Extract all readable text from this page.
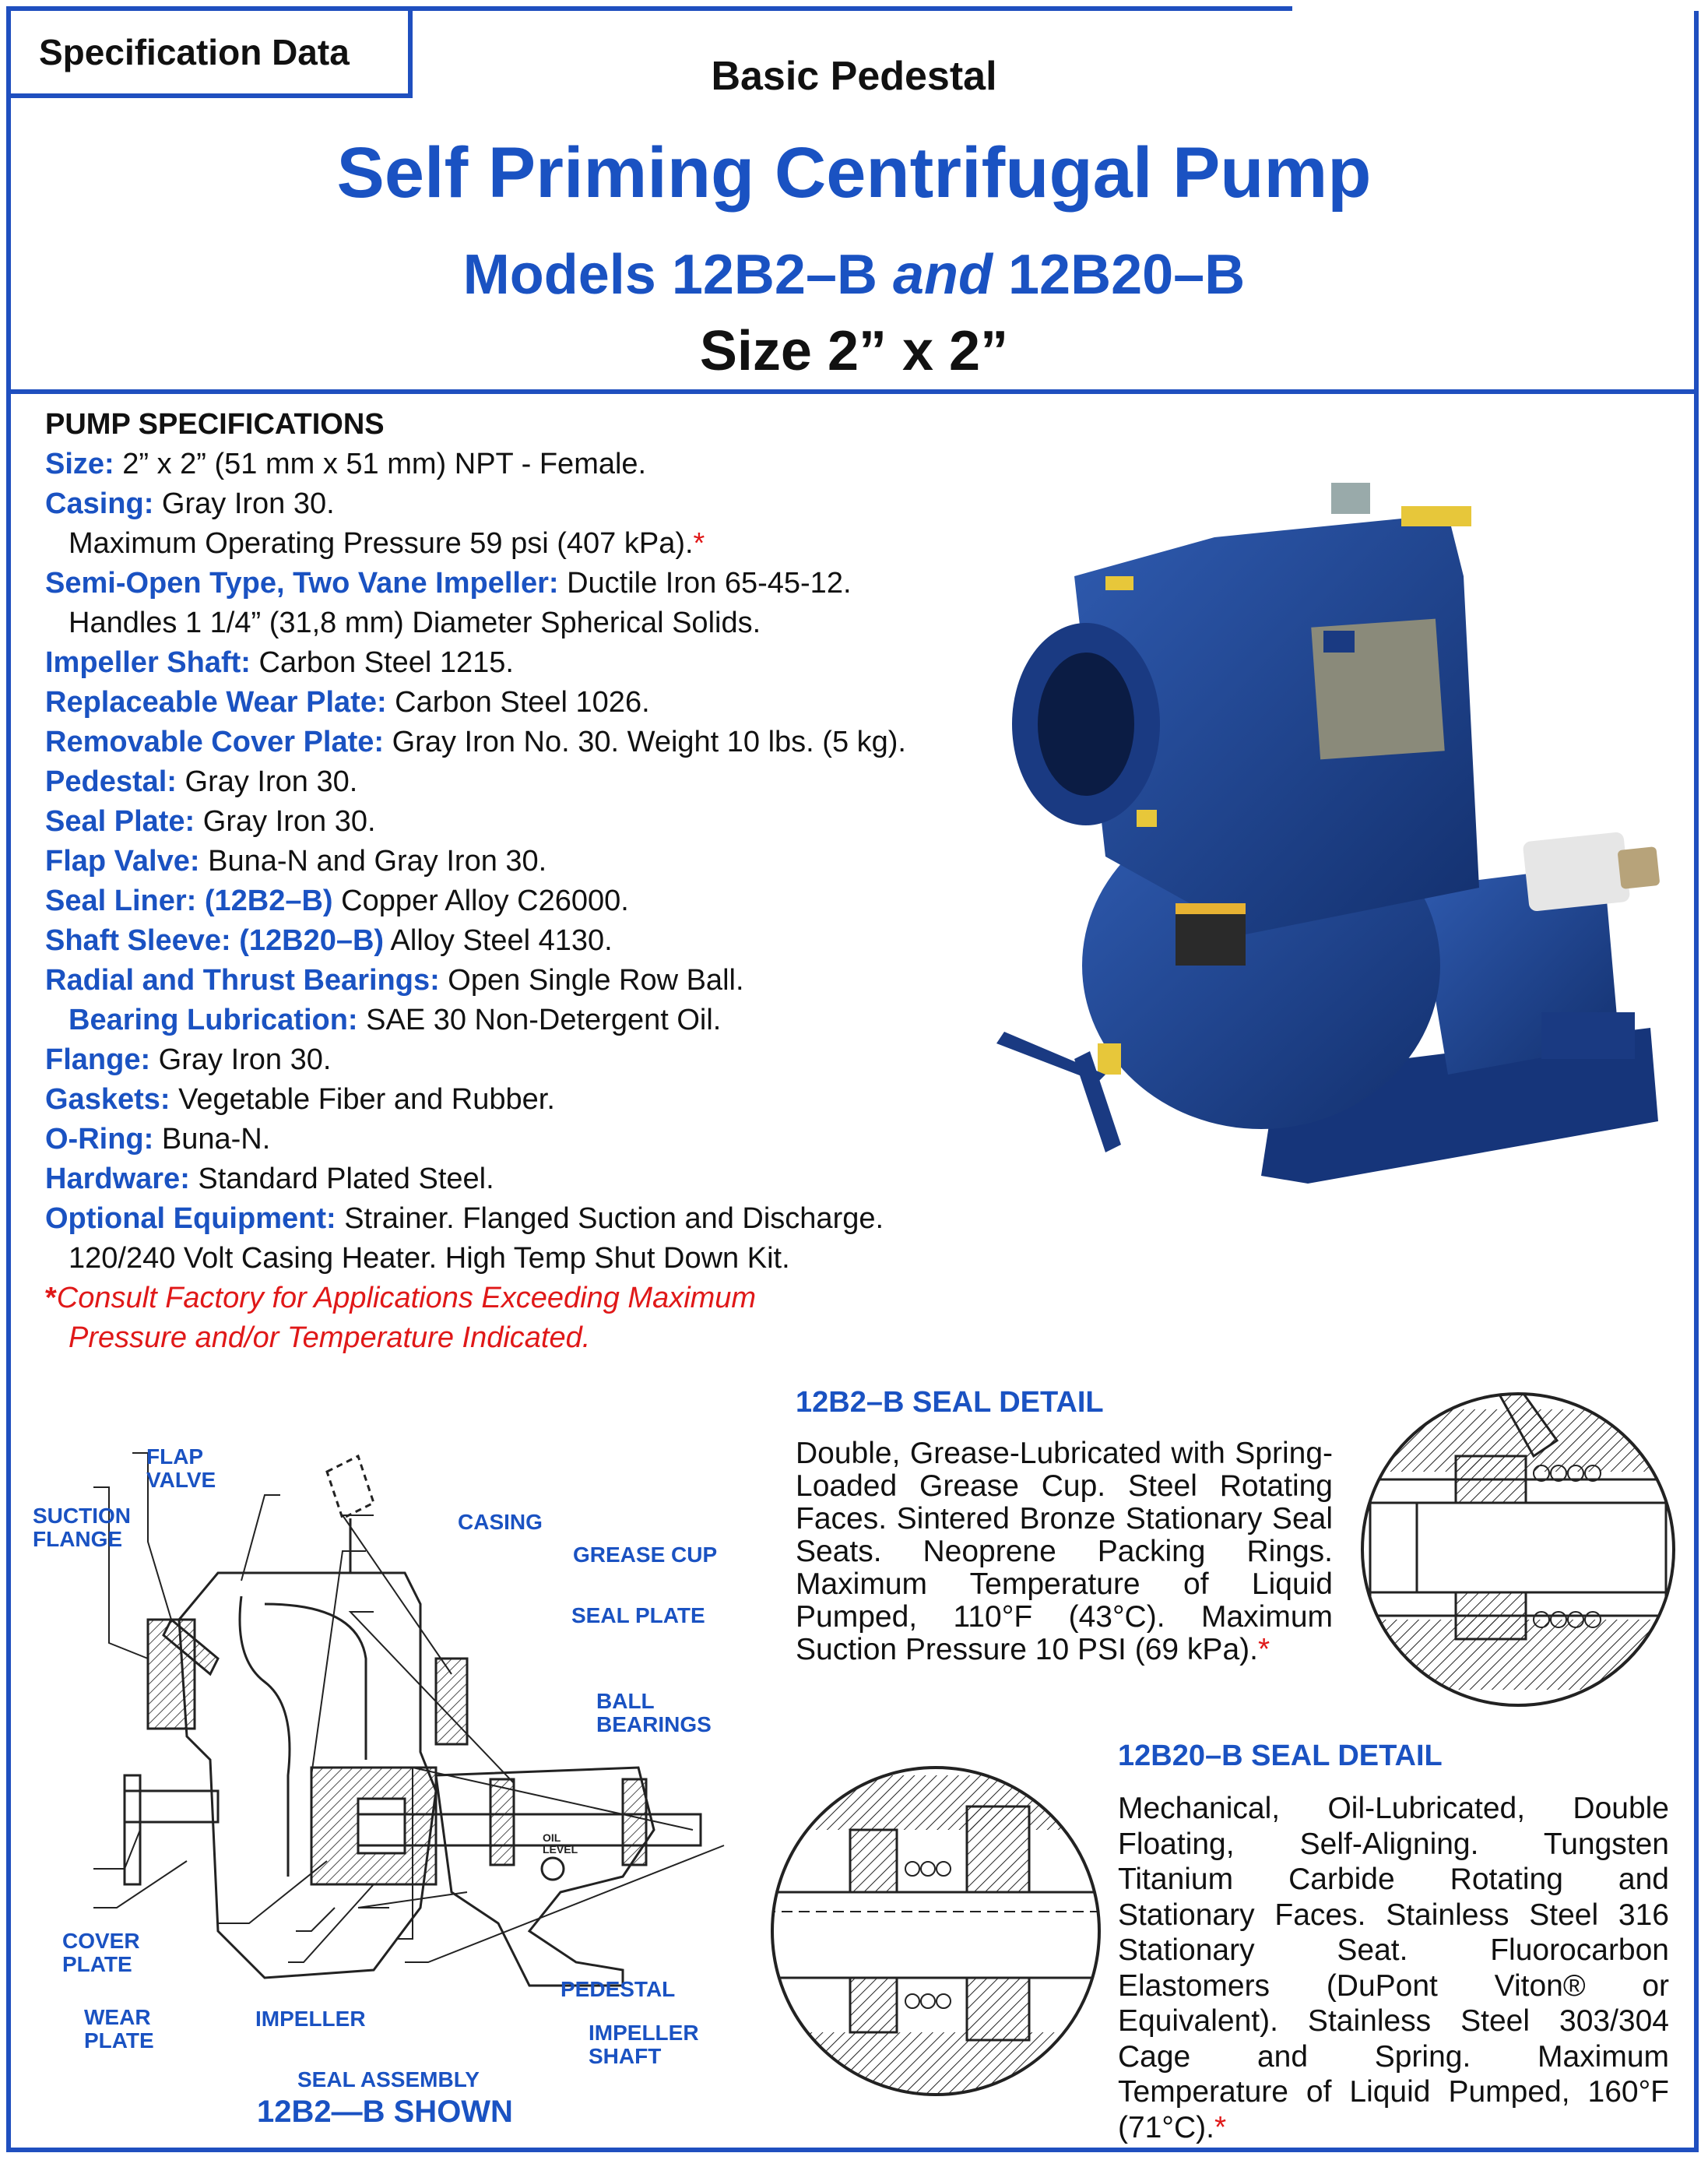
Specification Data
Basic Pedestal
Self Priming Centrifugal Pump
Models 12B2–B and 12B20–B
Size 2” x 2”
PUMP SPECIFICATIONS
Size: 2” x 2” (51 mm x 51 mm) NPT - Female.
Casing: Gray Iron 30.
Maximum Operating Pressure 59 psi (407 kPa).*
Semi-Open Type, Two Vane Impeller: Ductile Iron 65-45-12.
Handles 1 1/4” (31,8 mm) Diameter Spherical Solids.
Impeller Shaft: Carbon Steel 1215.
Replaceable Wear Plate: Carbon Steel 1026.
Removable Cover Plate: Gray Iron No. 30. Weight 10 lbs. (5 kg).
Pedestal: Gray Iron 30.
Seal Plate: Gray Iron 30.
Flap Valve: Buna-N and Gray Iron 30.
Seal Liner: (12B2–B) Copper Alloy C26000.
Shaft Sleeve: (12B20–B) Alloy Steel 4130.
Radial and Thrust Bearings: Open Single Row Ball.
Bearing Lubrication: SAE 30 Non-Detergent Oil.
Flange: Gray Iron 30.
Gaskets: Vegetable Fiber and Rubber.
O-Ring: Buna-N.
Hardware: Standard Plated Steel.
Optional Equipment: Strainer. Flanged Suction and Discharge.
120/240 Volt Casing Heater. High Temp Shut Down Kit.
*Consult Factory for Applications Exceeding Maximum
Pressure and/or Temperature Indicated.
12B2–B SEAL DETAIL
Double, Grease-Lubricated with Spring-Loaded Grease Cup. Steel Rotating Faces. Sintered Bronze Stationary Seal Seats. Neoprene Packing Rings. Maximum Temperature of Liquid Pumped, 110°F (43°C). Maximum Suction Pressure 10 PSI (69 kPa).*
12B20–B SEAL DETAIL
Mechanical, Oil-Lubricated, Double Floating, Self-Aligning. Tungsten Titanium Carbide Rotating and Stationary Faces. Stainless Steel 316 Stationary Seat. Fluorocarbon Elastomers (DuPont Viton® or Equivalent). Stainless Steel 303/304 Cage and Spring. Maximum Temperature of Liquid Pumped, 160°F (71°C).*
FLAP
VALVE
SUCTION
FLANGE
CASING
GREASE CUP
SEAL PLATE
BALL
BEARINGS
COVER
PLATE
WEAR
PLATE
IMPELLER
PEDESTAL
IMPELLER
SHAFT
SEAL ASSEMBLY
OIL
LEVEL
12B2—B SHOWN
